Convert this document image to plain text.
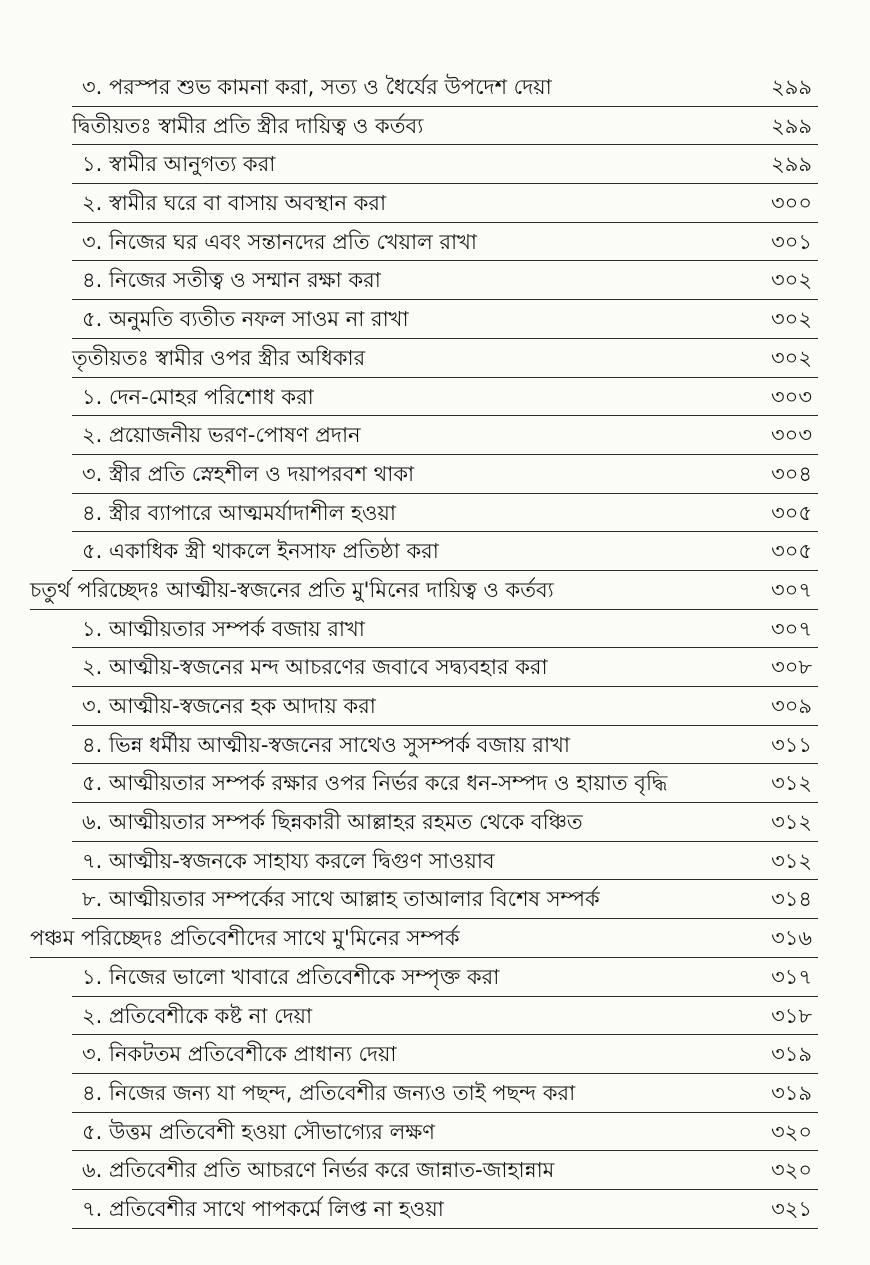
৩. পরস্পর শুভ কামনা করা, সত্য ও ধৈর্যের উপদেশ দেয়া	২৯৯
দ্বিতীয়তঃ স্বামীর প্রতি স্ত্রীর দায়িত্ব ও কর্তব্য	২৯৯
১. স্বামীর আনুগত্য করা	২৯৯
২. স্বামীর ঘরে বা বাসায় অবস্থান করা	৩০০
৩. নিজের ঘর এবং সন্তানদের প্রতি খেয়াল রাখা	৩০১
৪. নিজের সতীত্ব ও সম্মান রক্ষা করা	৩০২
৫. অনুমতি ব্যতীত নফল সাওম না রাখা	৩০২
তৃতীয়তঃ স্বামীর ওপর স্ত্রীর অধিকার	৩০২
১. দেন-মোহর পরিশোধ করা	৩০৩
২. প্রয়োজনীয় ভরণ-পোষণ প্রদান	৩০৩
৩. স্ত্রীর প্রতি স্নেহশীল ও দয়াপরবশ থাকা	৩০৪
৪. স্ত্রীর ব্যাপারে আত্মমর্যাদাশীল হওয়া	৩০৫
৫. একাধিক স্ত্রী থাকলে ইনসাফ প্রতিষ্ঠা করা	৩০৫
চতুর্থ পরিচ্ছেদঃ আত্মীয়-স্বজনের প্রতি মু'মিনের দায়িত্ব ও কর্তব্য	৩০৭
১. আত্মীয়তার সম্পর্ক বজায় রাখা	৩০৭
২. আত্মীয়-স্বজনের মন্দ আচরণের জবাবে সদ্ব্যবহার করা	৩০৮
৩. আত্মীয়-স্বজনের হক আদায় করা	৩০৯
৪. ভিন্ন ধর্মীয় আত্মীয়-স্বজনের সাথেও সুসম্পর্ক বজায় রাখা	৩১১
৫. আত্মীয়তার সম্পর্ক রক্ষার ওপর নির্ভর করে ধন-সম্পদ ও হায়াত বৃদ্ধি	৩১২
৬. আত্মীয়তার সম্পর্ক ছিন্নকারী আল্লাহর রহমত থেকে বঞ্চিত	৩১২
৭. আত্মীয়-স্বজনকে সাহায্য করলে দ্বিগুণ সাওয়াব	৩১২
৮. আত্মীয়তার সম্পর্কের সাথে আল্লাহ তাআলার বিশেষ সম্পর্ক	৩১৪
পঞ্চম পরিচ্ছেদঃ প্রতিবেশীদের সাথে মু'মিনের সম্পর্ক	৩১৬
১. নিজের ভালো খাবারে প্রতিবেশীকে সম্পৃক্ত করা	৩১৭
২. প্রতিবেশীকে কষ্ট না দেয়া	৩১৮
৩. নিকটতম প্রতিবেশীকে প্রাধান্য দেয়া	৩১৯
৪. নিজের জন্য যা পছন্দ, প্রতিবেশীর জন্যও তাই পছন্দ করা	৩১৯
৫. উত্তম প্রতিবেশী হওয়া সৌভাগ্যের লক্ষণ	৩২০
৬. প্রতিবেশীর প্রতি আচরণে নির্ভর করে জান্নাত-জাহান্নাম	৩২০
৭. প্রতিবেশীর সাথে পাপকর্মে লিপ্ত না হওয়া	৩২১
